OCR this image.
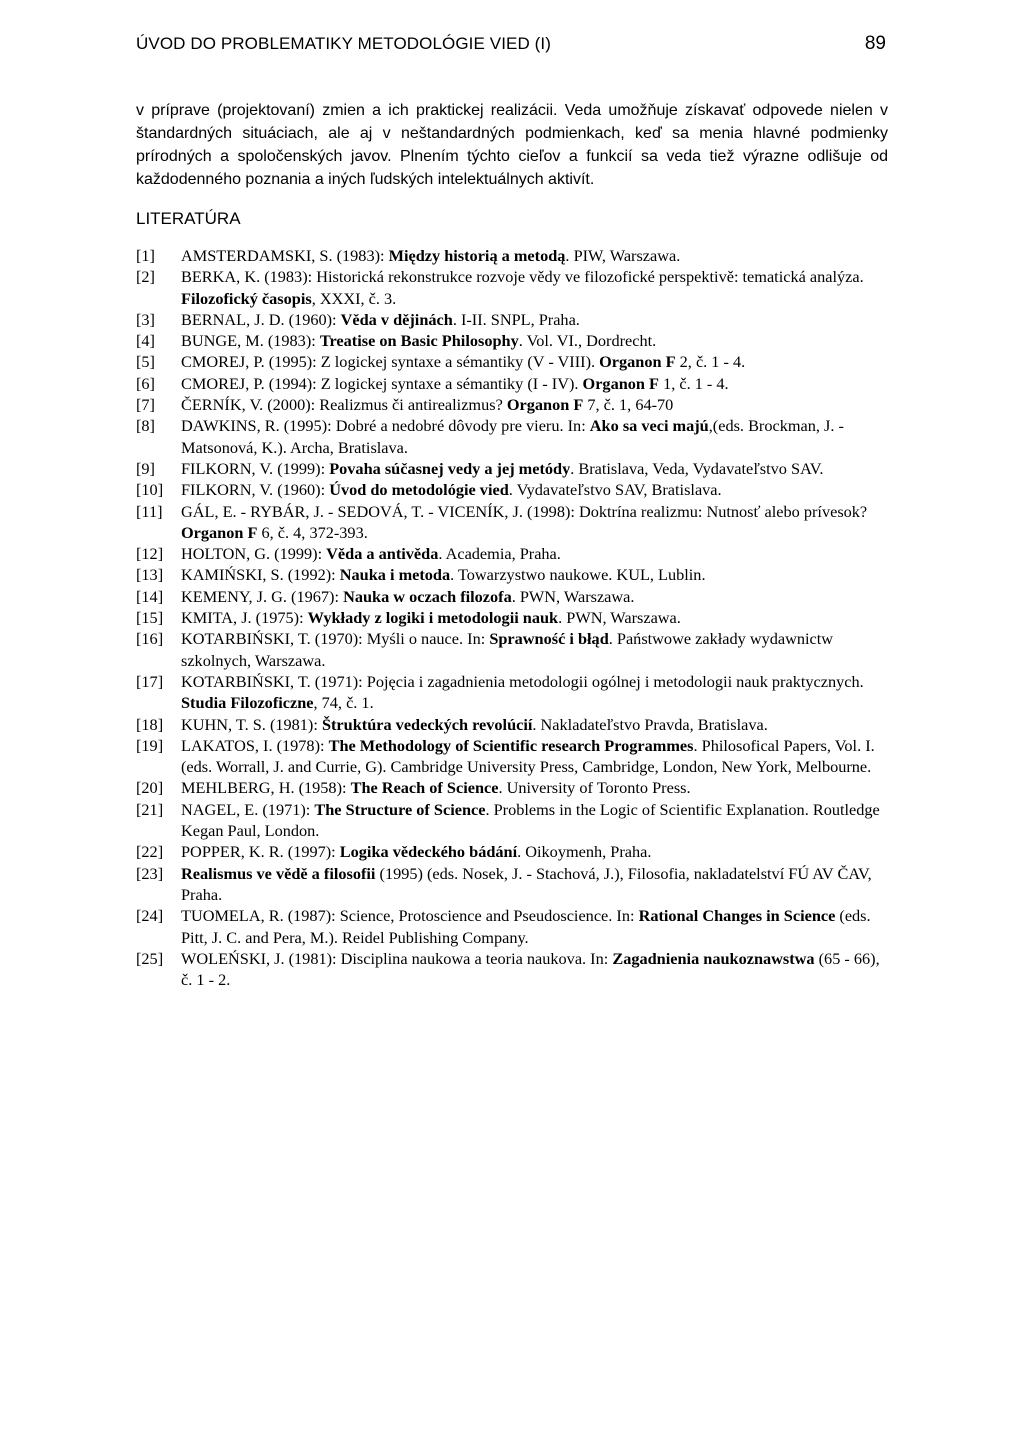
ÚVOD DO PROBLEMATIKY METODOLÓGIE VIED (I)	89

v príprave (projektovaní) zmien a ich praktickej realizácii. Veda umožňuje získavať odpovede nielen v štandardných situáciach, ale aj v neštandardných podmienkach, keď sa menia hlavné podmienky prírodných a spoločenských javov. Plnením týchto cieľov a funkcií sa veda tiež výrazne odlišuje od každodenného poznania a iných ľudských intelektuálnych aktivít.

LITERATÚRA
[1] AMSTERDAMSKI, S. (1983): Między historią a metodą. PIW, Warszawa.
[2] BERKA, K. (1983): Historická rekonstrukce rozvoje vědy ve filozofické perspektivě: tematická analýza. Filozofický časopis, XXXI, č. 3.
[3] BERNAL, J. D. (1960): Věda v dějinách. I-II. SNPL, Praha.
[4] BUNGE, M. (1983): Treatise on Basic Philosophy. Vol. VI., Dordrecht.
[5] CMOREJ, P. (1995): Z logickej syntaxe a sémantiky (V - VIII). Organon F 2, č. 1 - 4.
[6] CMOREJ, P. (1994): Z logickej syntaxe a sémantiky (I - IV). Organon F 1, č. 1 - 4.
[7] ČERNÍK, V. (2000): Realizmus či antirealizmus? Organon F 7, č. 1, 64-70
[8] DAWKINS, R. (1995): Dobré a nedobré dôvody pre vieru. In: Ako sa veci majú,(eds. Brockman, J. - Matsonová, K.). Archa, Bratislava.
[9] FILKORN, V. (1999): Povaha súčasnej vedy a jej metódy. Bratislava, Veda, Vydavateľstvo SAV.
[10] FILKORN, V. (1960): Úvod do metodológie vied. Vydavateľstvo SAV, Bratislava.
[11] GÁL, E. - RYBÁR, J. - SEDOVÁ, T. - VICENÍK, J. (1998): Doktrína realizmu: Nutnosť alebo prívesok? Organon F 6, č. 4, 372-393.
[12] HOLTON, G. (1999): Věda a antivěda. Academia, Praha.
[13] KAMIŃSKI, S. (1992): Nauka i metoda. Towarzystwo naukowe. KUL, Lublin.
[14] KEMENY, J. G. (1967): Nauka w oczach filozofa. PWN, Warszawa.
[15] KMITA, J. (1975): Wykłady z logiki i metodologii nauk. PWN, Warszawa.
[16] KOTARBIŃSKI, T. (1970): Myśli o nauce. In: Sprawność i błąd. Państwowe zakłady wydawnictw szkolnych, Warszawa.
[17] KOTARBIŃSKI, T. (1971): Pojęcia i zagadnienia metodologii ogólnej i metodologii nauk praktycznych. Studia Filozoficzne, 74, č. 1.
[18] KUHN, T. S. (1981): Štruktúra vedeckých revolúcií. Nakladateľstvo Pravda, Bratislava.
[19] LAKATOS, I. (1978): The Methodology of Scientific research Programmes. Philosofical Papers, Vol. I. (eds. Worrall, J. and Currie, G). Cambridge University Press, Cambridge, London, New York, Melbourne.
[20] MEHLBERG, H. (1958): The Reach of Science. University of Toronto Press.
[21] NAGEL, E. (1971): The Structure of Science. Problems in the Logic of Scientific Explanation. Routledge Kegan Paul, London.
[22] POPPER, K. R. (1997): Logika vědeckého bádání. Oikoymenh, Praha.
[23] Realismus ve vědě a filosofii (1995) (eds. Nosek, J. - Stachová, J.), Filosofia, nakladatelství FÚ AV ČAV, Praha.
[24] TUOMELA, R. (1987): Science, Protoscience and Pseudoscience. In: Rational Changes in Science (eds. Pitt, J. C. and Pera, M.). Reidel Publishing Company.
[25] WOLEŃSKI, J. (1981): Disciplina naukowa a teoria naukova. In: Zagadnienia naukoznawstwa (65 - 66), č. 1 - 2.
